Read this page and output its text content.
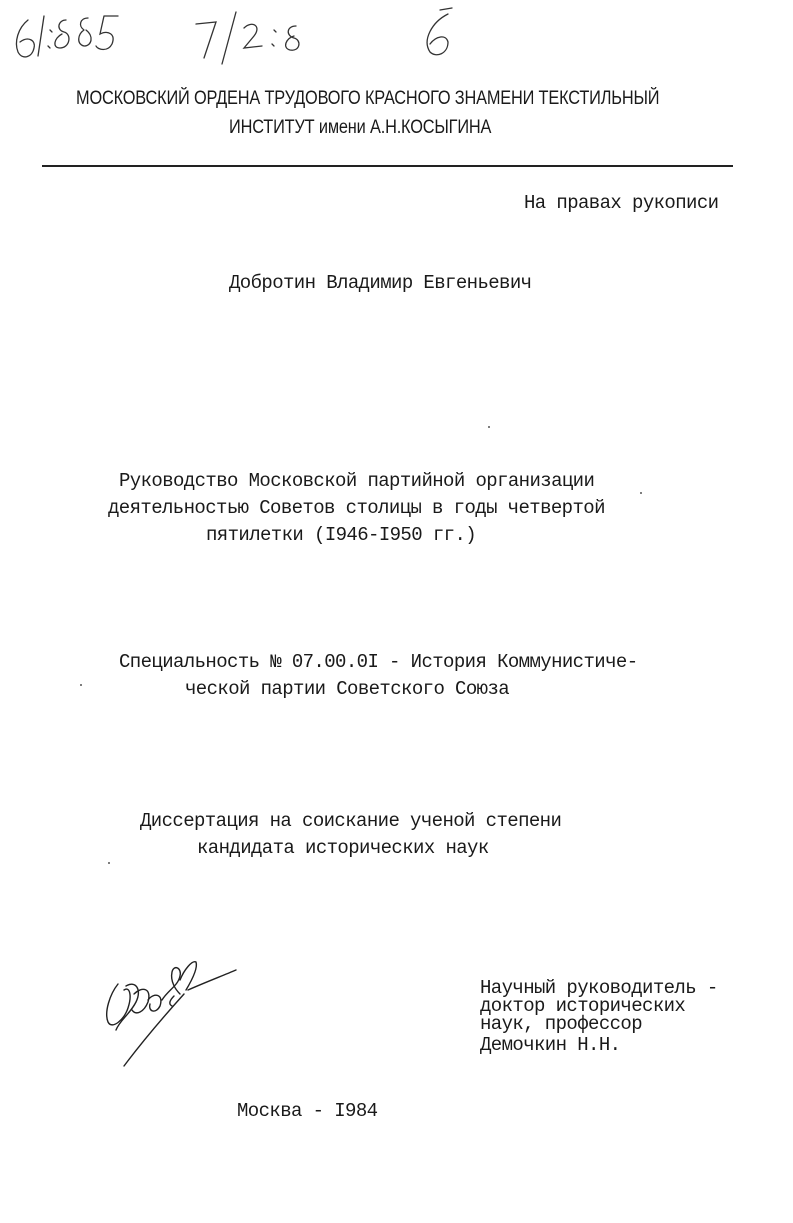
МОСКОВСКИЙ ОРДЕНА ТРУДОВОГО КРАСНОГО ЗНАМЕНИ ТЕКСТИЛЬНЫЙ
ИНСТИТУТ имени А.Н.КОСЫГИНА
На правах рукописи
Добротин Владимир Евгеньевич
Руководство Московской партийной организации
деятельностью Советов столицы в годы четвертой
пятилетки (I946-I950 гг.)
Специальность № 07.00.0I - История Коммунистиче-
ческой партии Советского Союза
Диссертация на соискание ученой степени
кандидата исторических наук
Научный руководитель -
доктор исторических
наук, профессор
Демочкин Н.Н.
Москва - I984
